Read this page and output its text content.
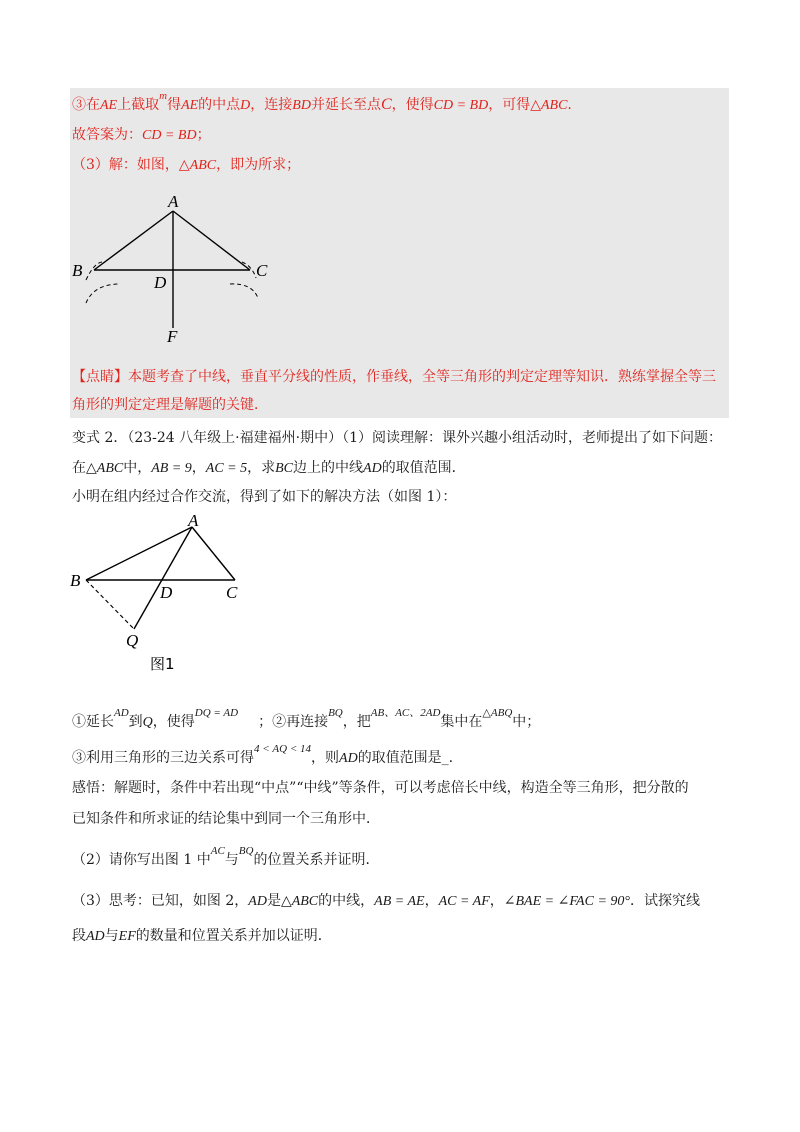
③在AE上截取$^m$得AE的中点D，连接BD并延长至点C，使得CD = BD，可得△ABC.
故答案为：CD = BD；
（3）解：如图，△ABC，即为所求；
A
B	C
D
F
【点睛】本题考查了中线，垂直平分线的性质，作垂线，全等三角形的判定定理等知识．熟练掌握全等三
角形的判定定理是解题的关键．
变式 2．（23-24 八年级上·福建福州·期中）（1）阅读理解：课外兴趣小组活动时，老师提出了如下问题：
在△ABC中，AB = 9，AC = 5，求BC边上的中线AD的取值范围．
小明在组内经过合作交流，得到了如下的解决方法（如图 1）：
A
B
C
D
Q
图1
①延长$^{AD}$到Q，使得$^{DQ = AD}$；②再连接$^{BQ}$，把$^{AB、AC、2AD}$集中在$^{\triangle ABQ}$中；
③利用三角形的三边关系可得$^{4 < AQ < 14}$，则AD的取值范围是_.
感悟：解题时，条件中若出现“中点”“中线”等条件，可以考虑倍长中线，构造全等三角形，把分散的
已知条件和所求证的结论集中到同一个三角形中．
（2）请你写出图 1 中$^{AC}$与$^{BQ}$的位置关系并证明．
（3）思考：已知，如图 2，AD是△ABC的中线，AB = AE，AC = AF，∠BAE = ∠FAC = 90°．试探究线
段AD与EF的数量和位置关系并加以证明．
